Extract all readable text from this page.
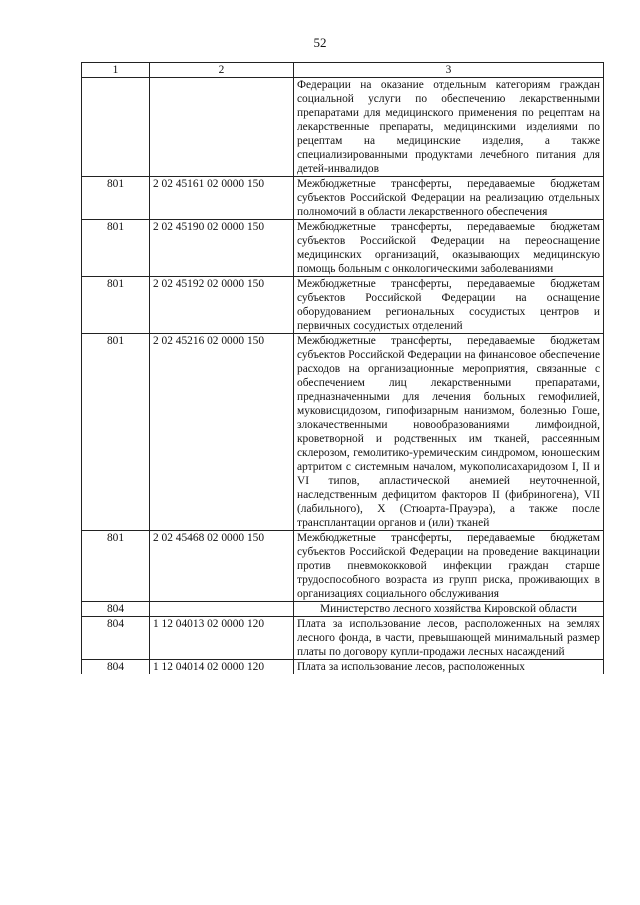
52
1	2	3
		Федерации на оказание отдельным категориям граждан социальной услуги по обеспечению лекарственными препаратами для медицинского применения по рецептам на лекарственные препараты, медицинскими изделиями по рецептам на медицинские изделия, а также специализированными продуктами лечебного питания для детей-инвалидов
801	2 02 45161 02 0000 150	Межбюджетные трансферты, передаваемые бюджетам субъектов Российской Федерации на реализацию отдельных полномочий в области лекарственного обеспечения
801	2 02 45190 02 0000 150	Межбюджетные трансферты, передаваемые бюджетам субъектов Российской Федерации на переоснащение медицинских организаций, оказывающих медицинскую помощь больным с онкологическими заболеваниями
801	2 02 45192 02 0000 150	Межбюджетные трансферты, передаваемые бюджетам субъектов Российской Федерации на оснащение оборудованием региональных сосудистых центров и первичных сосудистых отделений
801	2 02 45216 02 0000 150	Межбюджетные трансферты, передаваемые бюджетам субъектов Российской Федерации на финансовое обеспечение расходов на организационные мероприятия, связанные с обеспечением лиц лекарственными препаратами, предназначенными для лечения больных гемофилией, муковисцидозом, гипофизарным нанизмом, болезнью Гоше, злокачественными новообразованиями лимфоидной, кроветворной и родственных им тканей, рассеянным склерозом, гемолитико-уремическим синдромом, юношеским артритом с системным началом, мукополисахаридозом I, II и VI типов, апластической анемией неуточненной, наследственным дефицитом факторов II (фибриногена), VII (лабильного), X (Стюарта-Прауэра), а также после трансплантации органов и (или) тканей
801	2 02 45468 02 0000 150	Межбюджетные трансферты, передаваемые бюджетам субъектов Российской Федерации на проведение вакцинации против пневмококковой инфекции граждан старше трудоспособного возраста из групп риска, проживающих в организациях социального обслуживания
804		Министерство лесного хозяйства Кировской области
804	1 12 04013 02 0000 120	Плата за использование лесов, расположенных на землях лесного фонда, в части, превышающей минимальный размер платы по договору купли-продажи лесных насаждений
804	1 12 04014 02 0000 120	Плата за использование лесов, расположенных
